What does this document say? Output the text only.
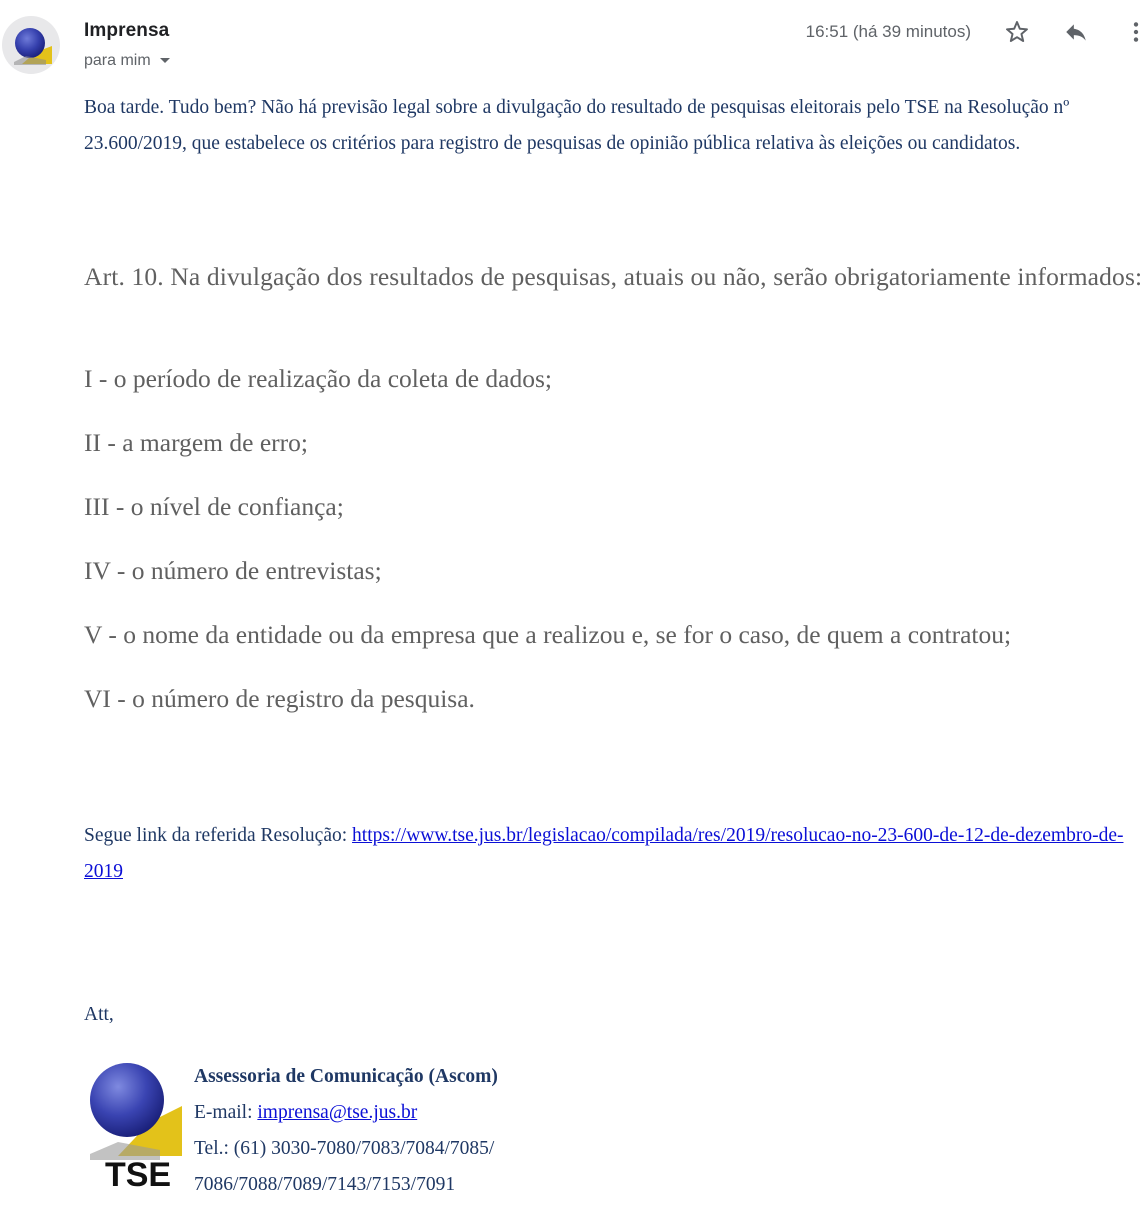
Imprensa
para mim
16:51 (há 39 minutos)
Boa tarde. Tudo bem? Não há previsão legal sobre a divulgação do resultado de pesquisas eleitorais pelo TSE na Resolução nº 23.600/2019, que estabelece os critérios para registro de pesquisas de opinião pública relativa às eleições ou candidatos.
Art. 10. Na divulgação dos resultados de pesquisas, atuais ou não, serão obrigatoriamente informados:
I - o período de realização da coleta de dados;
II - a margem de erro;
III - o nível de confiança;
IV - o número de entrevistas;
V - o nome da entidade ou da empresa que a realizou e, se for o caso, de quem a contratou;
VI - o número de registro da pesquisa.
Segue link da referida Resolução: https://www.tse.jus.br/legislacao/compilada/res/2019/resolucao-no-23-600-de-12-de-dezembro-de-2019
Att,
TSE
Assessoria de Comunicação (Ascom)
E-mail: imprensa@tse.jus.br
Tel.: (61) 3030-7080/7083/7084/7085/
7086/7088/7089/7143/7153/7091
